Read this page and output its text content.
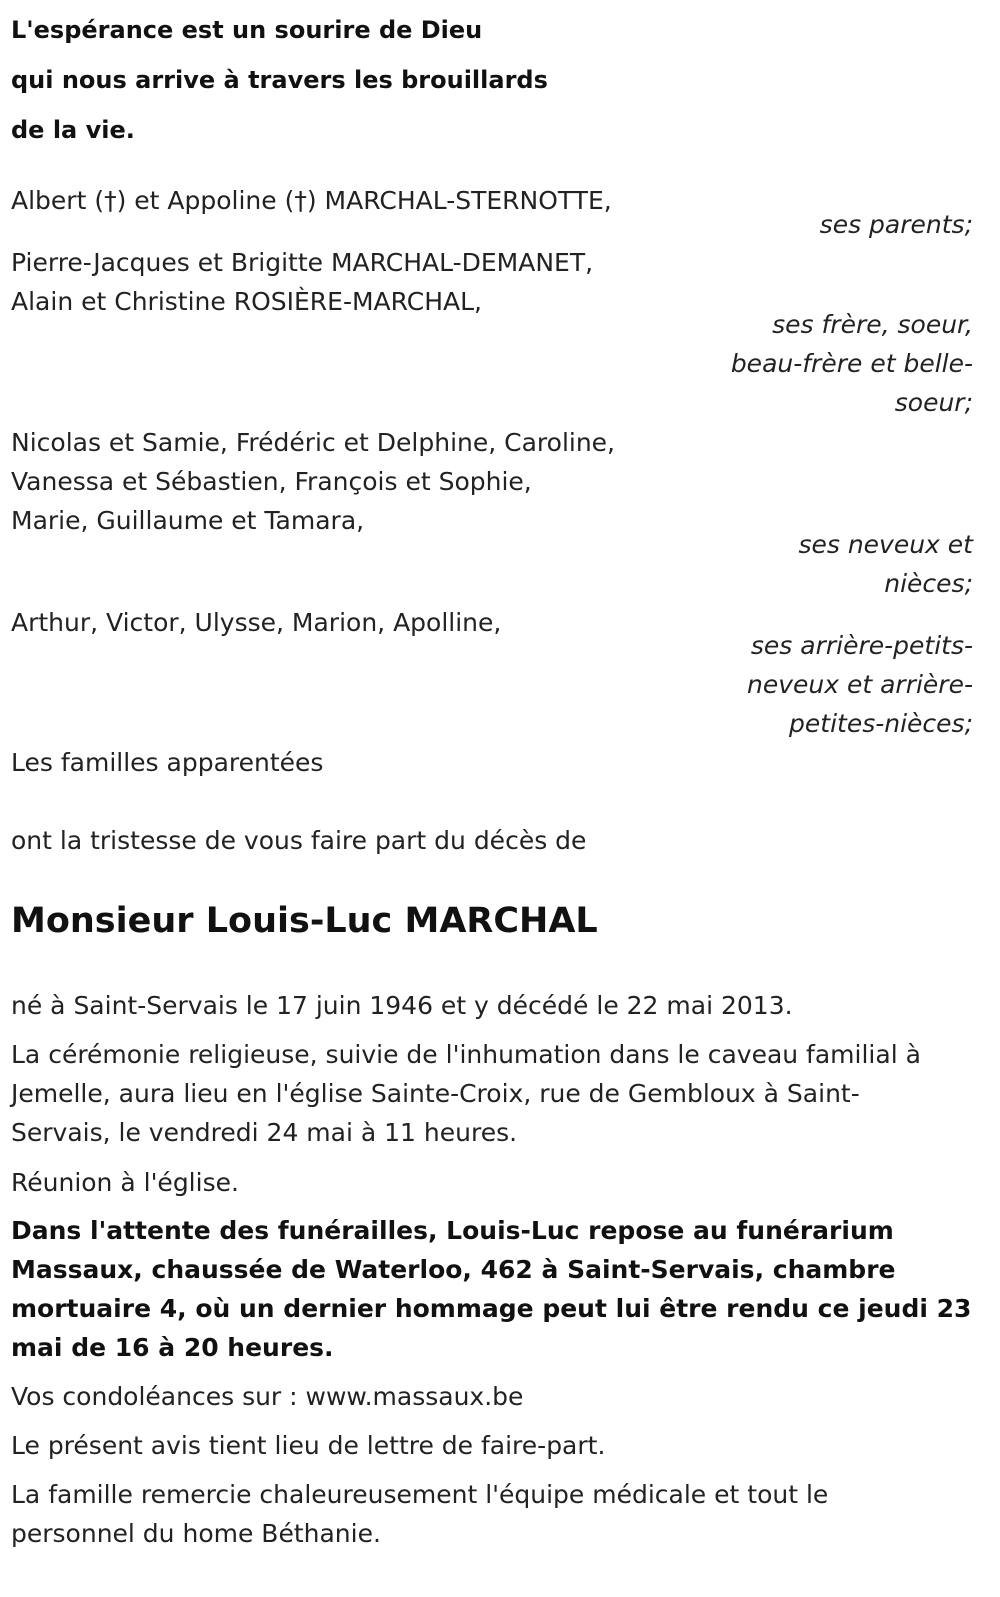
L'espérance est un sourire de Dieu
qui nous arrive à travers les brouillards
de la vie.
Albert (†) et Appoline (†) MARCHAL-STERNOTTE,
ses parents;
Pierre-Jacques et Brigitte MARCHAL-DEMANET,
Alain et Christine ROSIÈRE-MARCHAL,
ses frère, soeur,
beau-frère et belle-
soeur;
Nicolas et Samie, Frédéric et Delphine, Caroline,
Vanessa et Sébastien, François et Sophie,
Marie, Guillaume et Tamara,
ses neveux et
nièces;
Arthur, Victor, Ulysse, Marion, Apolline,
ses arrière-petits-
neveux et arrière-
petites-nièces;
Les familles apparentées
ont la tristesse de vous faire part du décès de
Monsieur Louis-Luc MARCHAL
né à Saint-Servais le 17 juin 1946 et y décédé le 22 mai 2013.
La cérémonie religieuse, suivie de l'inhumation dans le caveau familial à
Jemelle, aura lieu en l'église Sainte-Croix, rue de Gembloux à Saint-
Servais, le vendredi 24 mai à 11 heures.
Réunion à l'église.
Dans l'attente des funérailles, Louis-Luc repose au funérarium
Massaux, chaussée de Waterloo, 462 à Saint-Servais, chambre
mortuaire 4, où un dernier hommage peut lui être rendu ce jeudi 23
mai de 16 à 20 heures.
Vos condoléances sur : www.massaux.be
Le présent avis tient lieu de lettre de faire-part.
La famille remercie chaleureusement l'équipe médicale et tout le
personnel du home Béthanie.
